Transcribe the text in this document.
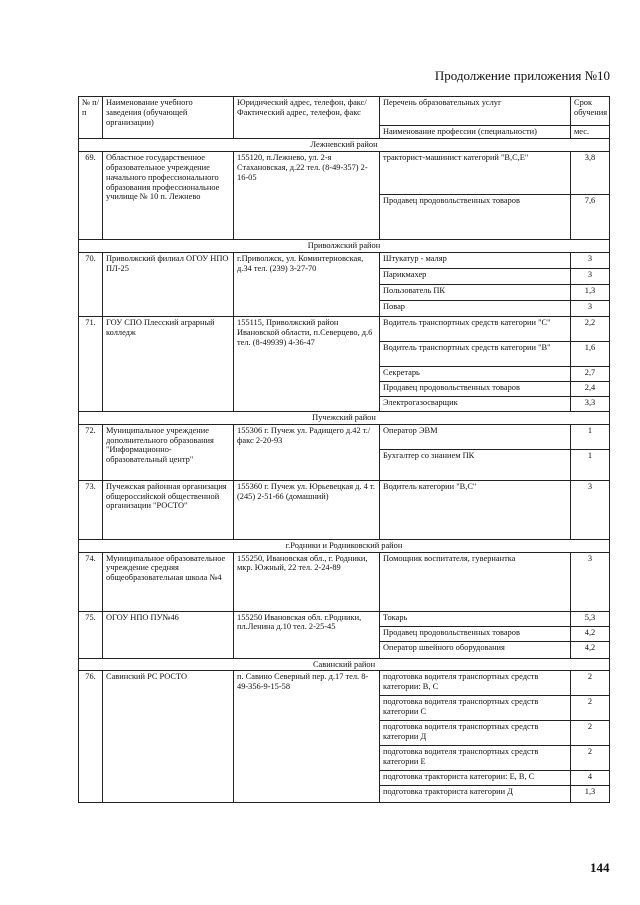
Продолжение приложения №10
№ п/п	Наименование учебного заведения (обучающей организации)	Юридический адрес, телефон, факс/ Фактический адрес, телефон, факс	Перечень образовательных услуг	Срок обучения
			Наименование профессии (специальности)	мес.
Лежневский район				
69.	Областное государственное образовательное учреждение начального профессионального образования профессиональное училище № 10 п. Лежнево	155120, п.Лежнево, ул. 2-я Стахановская, д.22 тел. (8-49-357) 2-16-05	тракторист-машинист категорий "В,С,Е"	3,8
			Продавец продовольственных товаров	7,6
Приволжский район				
70.	Приволжский филиал ОГОУ НПО ПЛ-25	г.Приволжск, ул. Коминтерновская, д.34 тел. (239) 3-27-70	Штукатур - маляр	3
			Парикмахер	3
			Пользователь ПК	1,3
			Повар	3
71.	ГОУ СПО Плесский аграрный колледж	155115, Приволжский район Ивановской области, п.Северцево, д.6 тел. (8-49939) 4-36-47	Водитель транспортных средств категории "С"	2,2
			Водитель транспортных средств категории "В"	1,6
			Секретарь	2,7
			Продавец продовольственных товаров	2,4
			Электрогазосварщик	3,3
Пучежский район				
72.	Муниципальное учреждение дополнительного образования "Информационно-образовательный центр"	155306 г. Пучеж ул. Радищего д.42 т./факс 2-20-93	Оператор ЭВМ	1
			Бухгалтер со знанием ПК	1
73.	Пучежская районная организация общероссийской общественной организации "РОСТО"	155360 г. Пучеж ул. Юрьевецкая д. 4 т.(245) 2-51-66 (домашний)	Водитель категории "В,С"	3
г.Родники и Родниковский район				
74.	Муниципальное образовательное учреждение средняя общеобразовательная школа №4	155250, Ивановская обл., г. Родники, мкр. Южный, 22 тел. 2-24-89	Помощник воспитателя, гувернантка	3
75.	ОГОУ НПО ПУ№46	155250 Ивановская обл. г.Родники, пл.Ленина д.10 тел. 2-25-45	Токарь	5,3
			Продавец продовольственных товаров	4,2
			Оператор швейного оборудования	4,2
Савинский район				
76.	Савинский РС РОСТО	п. Савино Северный пер. д.17 тел. 8-49-356-9-15-58	подготовка водителя транспортных средств категории: В, С	2
			подготовка водителя транспортных средств категории С	2
			подготовка водителя транспортных средств категории Д	2
			подготовка водителя транспортных средств категории Е	2
			подготовка тракториста категории: Е, В, С	4
			подготовка тракториста категории Д	1,3
144
